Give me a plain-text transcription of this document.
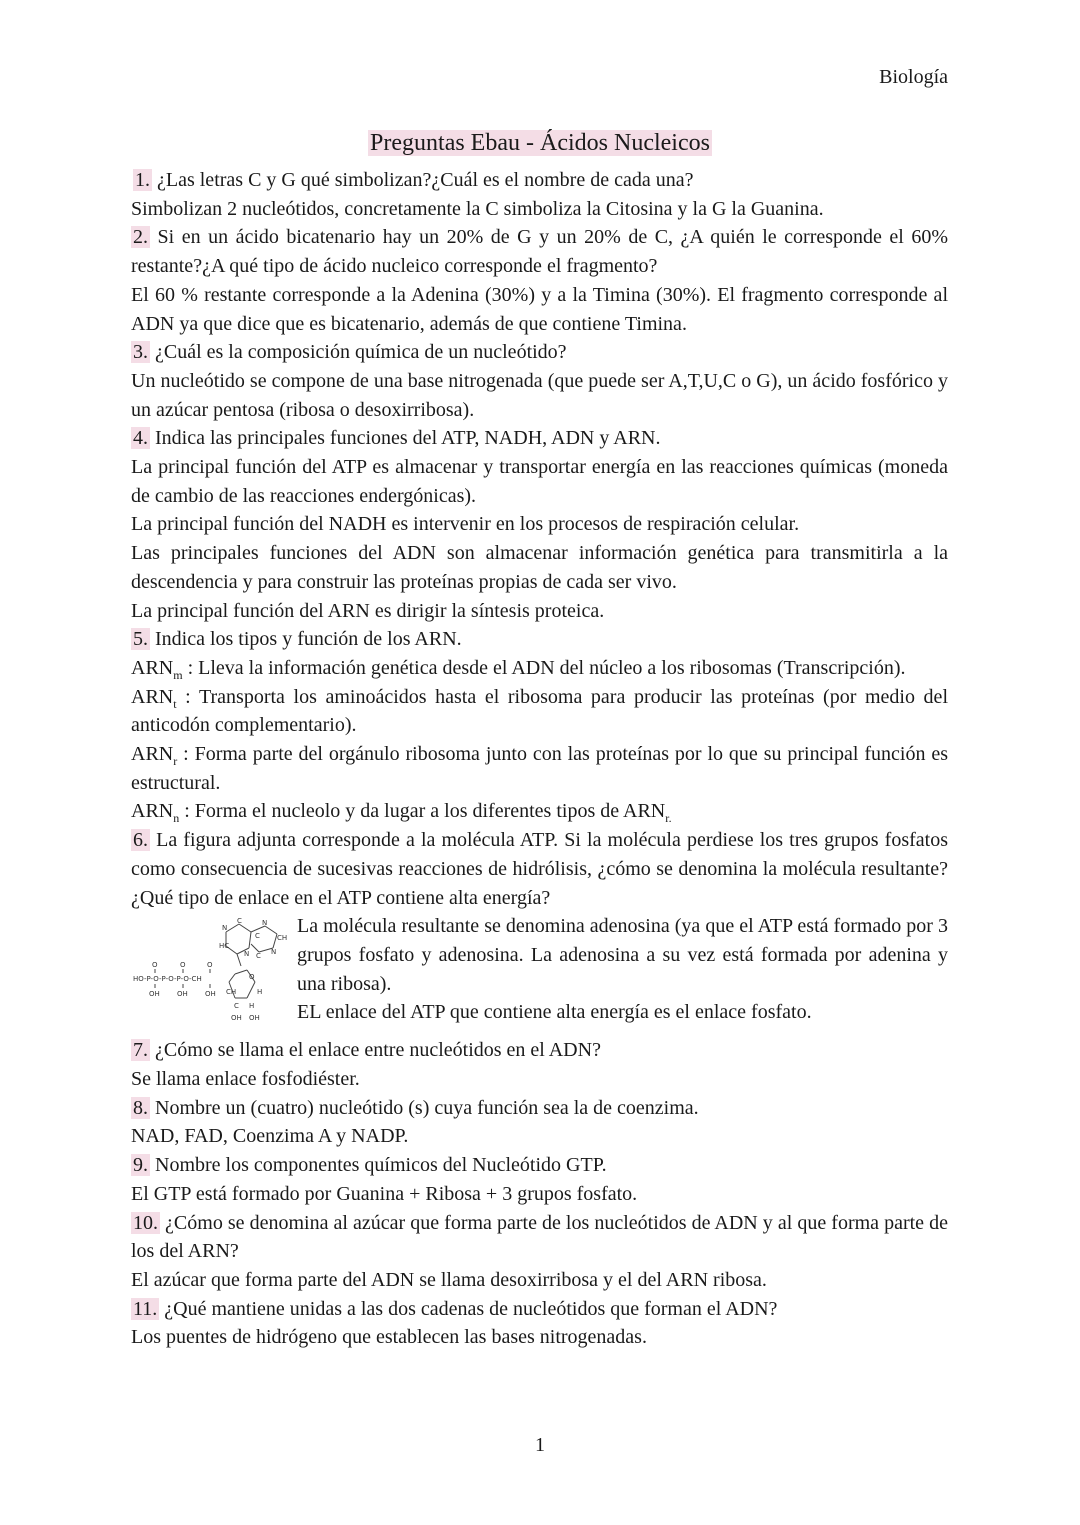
Biología
Preguntas Ebau - Ácidos Nucleicos

1. ¿Las letras C y G qué simbolizan?¿Cuál es el nombre de cada una?

Simbolizan 2 nucleótidos, concretamente la C simboliza la Citosina y la G la Guanina.

2. Si en un ácido bicatenario hay un 20% de G y un 20% de C, ¿A quién le corresponde el 60% restante?¿A qué tipo de ácido nucleico corresponde el fragmento?

El 60 % restante corresponde a la Adenina (30%) y a la Timina (30%). El fragmento corresponde al ADN ya que dice que es bicatenario, además de que contiene Timina.

3. ¿Cuál es la composición química de un nucleótido?

Un nucleótido se compone de una base nitrogenada (que puede ser A,T,U,C o G), un ácido fosfórico y un azúcar pentosa (ribosa o desoxirribosa).

4. Indica las principales funciones del ATP, NADH, ADN y ARN.

La principal función del ATP es almacenar y transportar energía en las reacciones químicas (moneda de cambio de las reacciones endergónicas).

La principal función del NADH es intervenir en los procesos de respiración celular.

Las principales funciones del ADN son almacenar información genética para transmitirla a la descendencia y para construir las proteínas propias de cada ser vivo.

La principal función del ARN es dirigir la síntesis proteica.

5. Indica los tipos y función de los ARN.

$ARN_m$ : Lleva la información genética desde el ADN del núcleo a los ribosomas (Transcripción).

$ARN_t$ : Transporta los aminoácidos hasta el ribosoma para producir las proteínas (por medio del anticodón complementario).

$ARN_r$ : Forma parte del orgánulo ribosoma junto con las proteínas por lo que su principal función es estructural.

$ARN_n$ : Forma el nucleolo y da lugar a los diferentes tipos de $ARN_{r.}$

6. La figura adjunta corresponde a la molécula ATP. Si la molécula perdiese los tres grupos fosfatos como consecuencia de sucesivas reacciones de hidrólisis, ¿cómo se denomina la molécula resultante? ¿Qué tipo de enlace en el ATP contiene alta energía?

C
N
N
C CH
HC
N C N
CH	H
C H
O	O	O
O
HO-P-O-P-O-P-O-CH
OH OH OH
OH OH

La molécula resultante se denomina adenosina (ya que el ATP está formado por 3 grupos fosfato y adenosina. La adenosina a su vez está formada por adenina y una ribosa).

EL enlace del ATP que contiene alta energía es el enlace fosfato.

7. ¿Cómo se llama el enlace entre nucleótidos en el ADN?

Se llama enlace fosfodiéster.

8. Nombre un (cuatro) nucleótido (s) cuya función sea la de coenzima.

NAD, FAD, Coenzima A y NADP.

9. Nombre los componentes químicos del Nucleótido GTP.

El GTP está formado por Guanina + Ribosa + 3 grupos fosfato.

10. ¿Cómo se denomina al azúcar que forma parte de los nucleótidos de ADN y al que forma parte de los del ARN?

El azúcar que forma parte del ADN se llama desoxirribosa y el del ARN ribosa.

11. ¿Qué mantiene unidas a las dos cadenas de nucleótidos que forman el ADN?

Los puentes de hidrógeno que establecen las bases nitrogenadas.

1
